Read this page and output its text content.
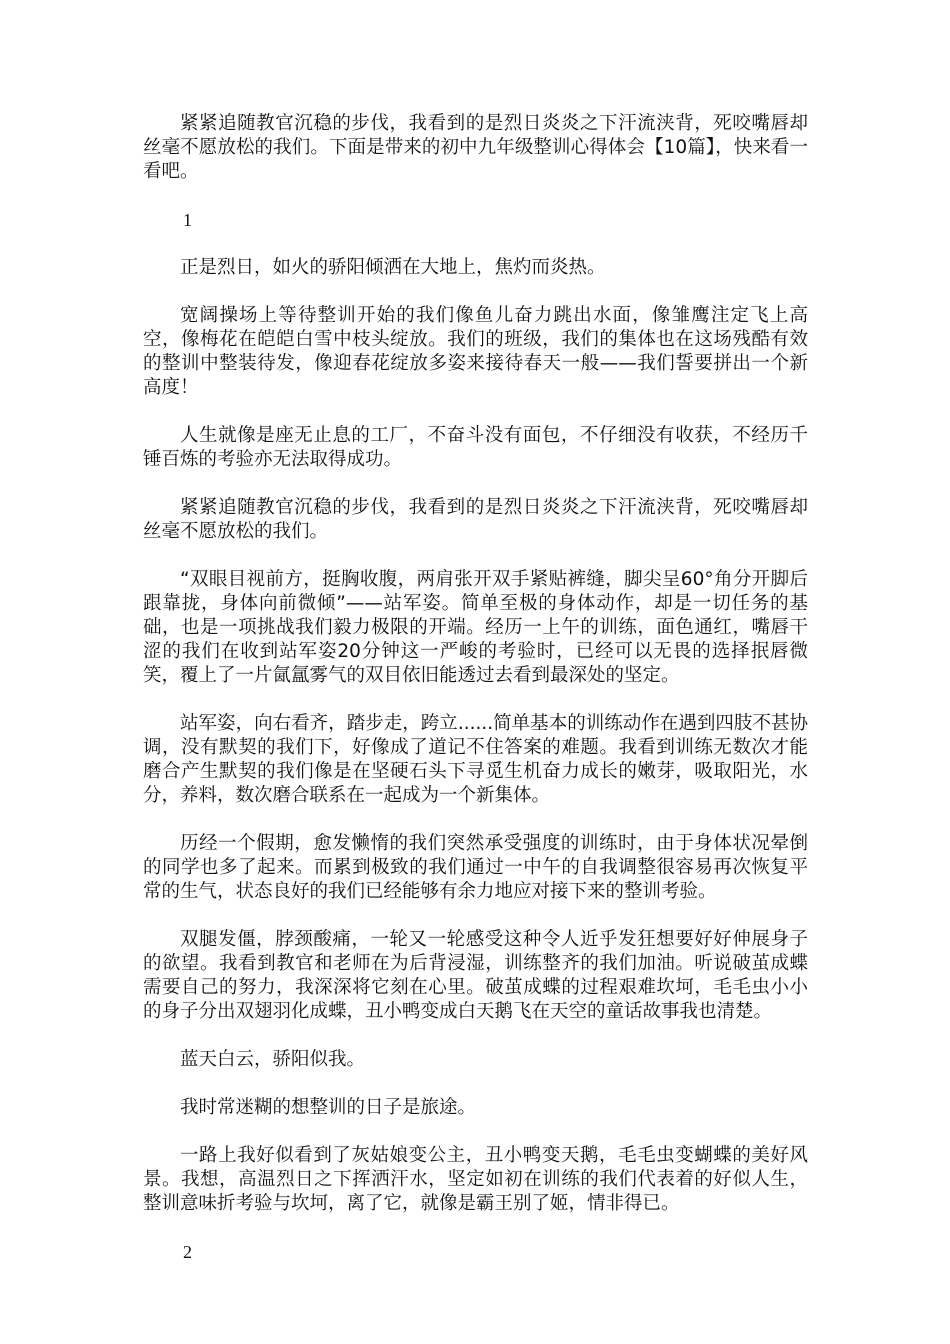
紧紧追随教官沉稳的步伐，我看到的是烈日炎炎之下汗流浃背，死咬嘴唇却丝毫不愿放松的我们。下面是带来的初中九年级整训心得体会【10篇】，快来看一看吧。

1

正是烈日，如火的骄阳倾洒在大地上，焦灼而炎热。

宽阔操场上等待整训开始的我们像鱼儿奋力跳出水面，像雏鹰注定飞上高空，像梅花在皑皑白雪中枝头绽放。我们的班级，我们的集体也在这场残酷有效的整训中整装待发，像迎春花绽放多姿来接待春天一般——我们誓要拼出一个新高度！

人生就像是座无止息的工厂，不奋斗没有面包，不仔细没有收获，不经历千锤百炼的考验亦无法取得成功。

紧紧追随教官沉稳的步伐，我看到的是烈日炎炎之下汗流浃背，死咬嘴唇却丝毫不愿放松的我们。

“双眼目视前方，挺胸收腹，两肩张开双手紧贴裤缝，脚尖呈60°角分开脚后跟靠拢，身体向前微倾”——站军姿。简单至极的身体动作，却是一切任务的基础，也是一项挑战我们毅力极限的开端。经历一上午的训练，面色通红，嘴唇干涩的我们在收到站军姿20分钟这一严峻的考验时，已经可以无畏的选择抿唇微笑，覆上了一片氤氲雾气的双目依旧能透过去看到最深处的坚定。

站军姿，向右看齐，踏步走，跨立......简单基本的训练动作在遇到四肢不甚协调，没有默契的我们下，好像成了道记不住答案的难题。我看到训练无数次才能磨合产生默契的我们像是在坚硬石头下寻觅生机奋力成长的嫩芽，吸取阳光，水分，养料，数次磨合联系在一起成为一个新集体。

历经一个假期，愈发懒惰的我们突然承受强度的训练时，由于身体状况晕倒的同学也多了起来。而累到极致的我们通过一中午的自我调整很容易再次恢复平常的生气，状态良好的我们已经能够有余力地应对接下来的整训考验。

双腿发僵，脖颈酸痛，一轮又一轮感受这种令人近乎发狂想要好好伸展身子的欲望。我看到教官和老师在为后背浸湿，训练整齐的我们加油。听说破茧成蝶需要自己的努力，我深深将它刻在心里。破茧成蝶的过程艰难坎坷，毛毛虫小小的身子分出双翅羽化成蝶，丑小鸭变成白天鹅飞在天空的童话故事我也清楚。

蓝天白云，骄阳似我。

我时常迷糊的想整训的日子是旅途。

一路上我好似看到了灰姑娘变公主，丑小鸭变天鹅，毛毛虫变蝴蝶的美好风景。我想，高温烈日之下挥洒汗水，坚定如初在训练的我们代表着的好似人生，整训意味折考验与坎坷，离了它，就像是霸王别了姬，情非得已。

2
